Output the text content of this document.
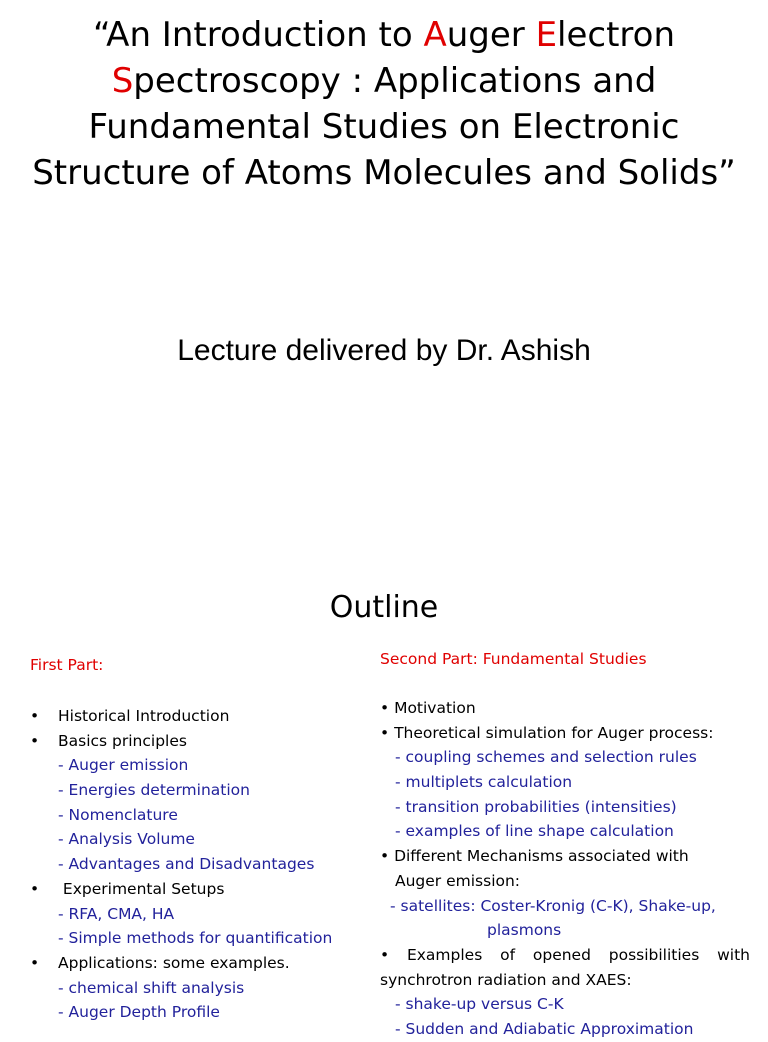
“An Introduction to Auger Electron
Spectroscopy : Applications and Fundamental Studies on Electronic Structure of Atoms Molecules and Solids”
Lecture delivered by Dr. Ashish
Outline
First Part:
• Historical Introduction
• Basics principles
- Auger emission
- Energies determination
- Nomenclature
- Analysis Volume
- Advantages and Disadvantages
• Experimental Setups
- RFA, CMA, HA
- Simple methods for quantification
• Applications: some examples.
- chemical shift analysis
- Auger Depth Profile
Second Part: Fundamental Studies
• Motivation
• Theoretical simulation for Auger process:
- coupling schemes and selection rules
- multiplets calculation
- transition probabilities (intensities)
- examples of line shape calculation
• Different Mechanisms associated with
Auger emission:
- satellites: Coster-Kronig (C-K), Shake-up,
plasmons
• Examples of opened possibilities with
synchrotron radiation and XAES:
- shake-up versus C-K
- Sudden and Adiabatic Approximation
